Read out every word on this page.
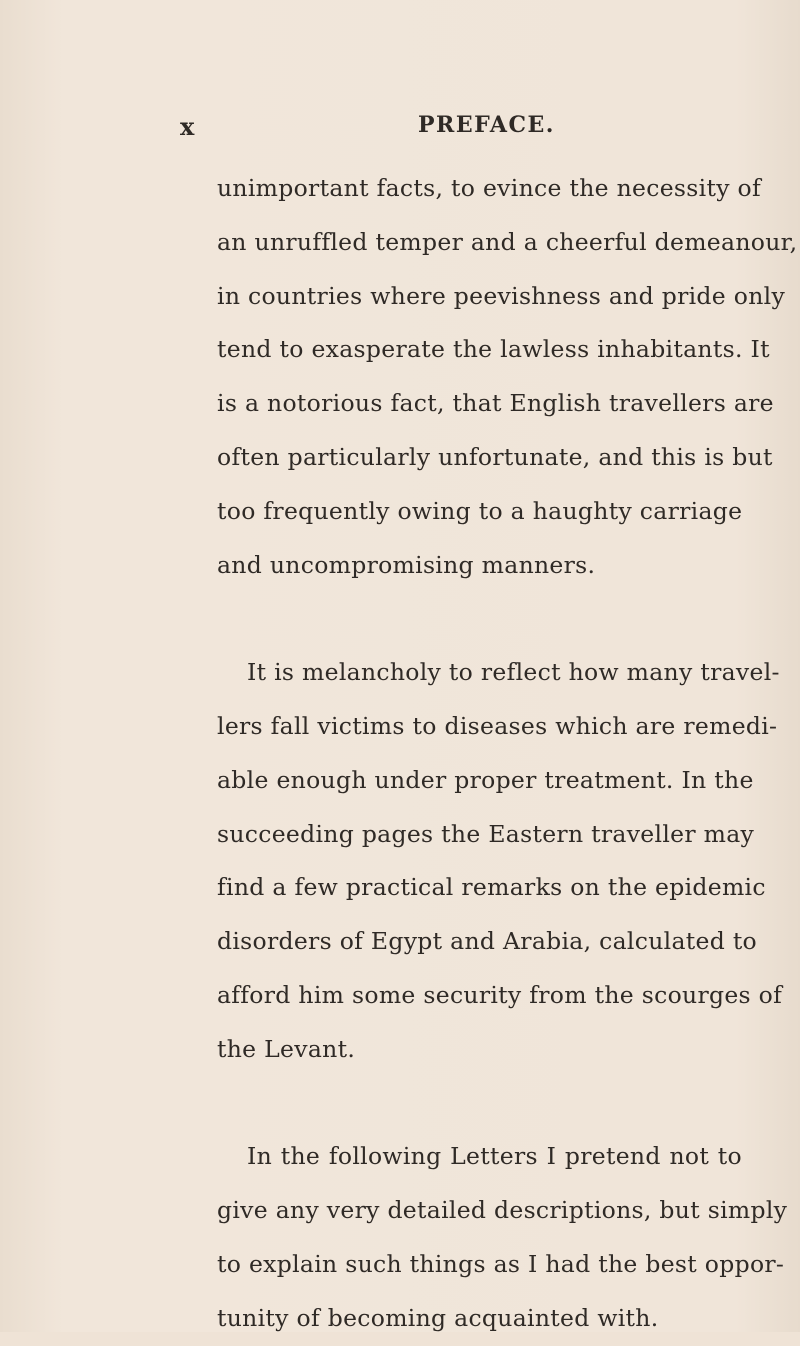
x	PREFACE.
unimportant facts, to evince the necessity of
an unruffled temper and a cheerful demeanour,
in countries where peevishness and pride only
tend to exasperate the lawless inhabitants. It
is a notorious fact, that English travellers are
often particularly unfortunate, and this is but
too frequently owing to a haughty carriage
and uncompromising manners.
It is melancholy to reflect how many travel-
lers fall victims to diseases which are remedi-
able enough under proper treatment. In the
succeeding pages the Eastern traveller may
find a few practical remarks on the epidemic
disorders of Egypt and Arabia, calculated to
afford him some security from the scourges of
the Levant.
In the following Letters I pretend not to
give any very detailed descriptions, but simply
to explain such things as I had the best oppor-
tunity of becoming acquainted with.
